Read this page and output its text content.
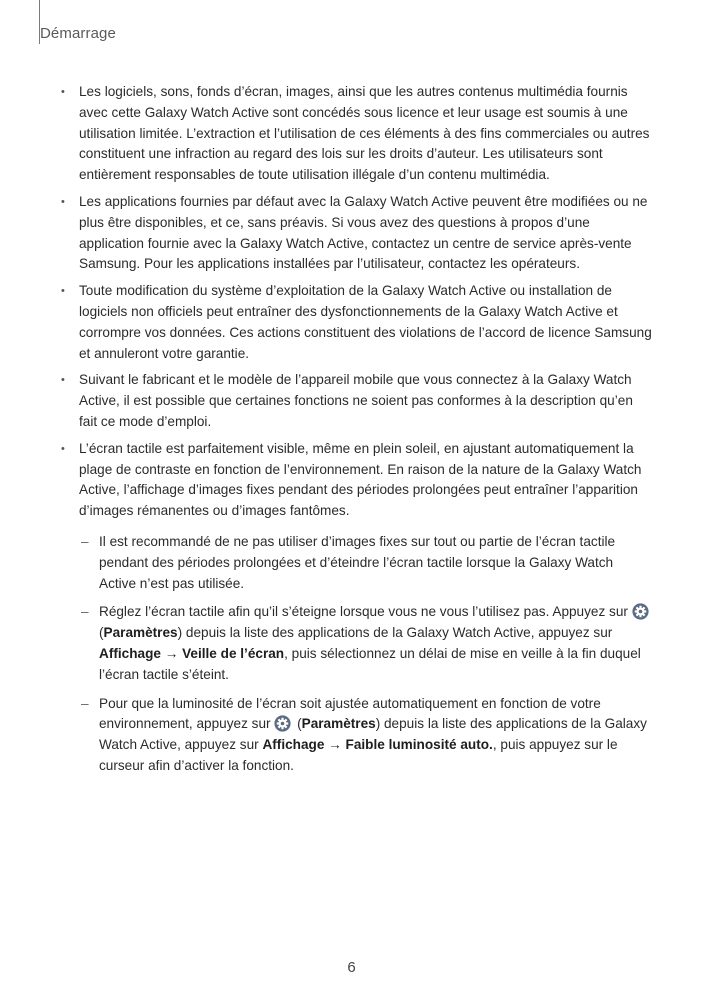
Démarrage
• Les logiciels, sons, fonds d’écran, images, ainsi que les autres contenus multimédia fournis avec cette Galaxy Watch Active sont concédés sous licence et leur usage est soumis à une utilisation limitée. L’extraction et l’utilisation de ces éléments à des fins commerciales ou autres constituent une infraction au regard des lois sur les droits d’auteur. Les utilisateurs sont entièrement responsables de toute utilisation illégale d’un contenu multimédia.
• Les applications fournies par défaut avec la Galaxy Watch Active peuvent être modifiées ou ne plus être disponibles, et ce, sans préavis. Si vous avez des questions à propos d’une application fournie avec la Galaxy Watch Active, contactez un centre de service après-vente Samsung. Pour les applications installées par l’utilisateur, contactez les opérateurs.
• Toute modification du système d’exploitation de la Galaxy Watch Active ou installation de logiciels non officiels peut entraîner des dysfonctionnements de la Galaxy Watch Active et corrompre vos données. Ces actions constituent des violations de l’accord de licence Samsung et annuleront votre garantie.
• Suivant le fabricant et le modèle de l’appareil mobile que vous connectez à la Galaxy Watch Active, il est possible que certaines fonctions ne soient pas conformes à la description qu’en fait ce mode d’emploi.
• L’écran tactile est parfaitement visible, même en plein soleil, en ajustant automatiquement la plage de contraste en fonction de l’environnement. En raison de la nature de la Galaxy Watch Active, l’affichage d’images fixes pendant des périodes prolongées peut entraîner l’apparition d’images rémanentes ou d’images fantômes.
– Il est recommandé de ne pas utiliser d’images fixes sur tout ou partie de l’écran tactile pendant des périodes prolongées et d’éteindre l’écran tactile lorsque la Galaxy Watch Active n’est pas utilisée.
– Réglez l’écran tactile afin qu’il s’éteigne lorsque vous ne vous l’utilisez pas. Appuyez sur  (Paramètres) depuis la liste des applications de la Galaxy Watch Active, appuyez sur Affichage → Veille de l’écran, puis sélectionnez un délai de mise en veille à la fin duquel l’écran tactile s’éteint.
– Pour que la luminosité de l’écran soit ajustée automatiquement en fonction de votre environnement, appuyez sur  (Paramètres) depuis la liste des applications de la Galaxy Watch Active, appuyez sur Affichage → Faible luminosité auto., puis appuyez sur le curseur afin d’activer la fonction.
6
